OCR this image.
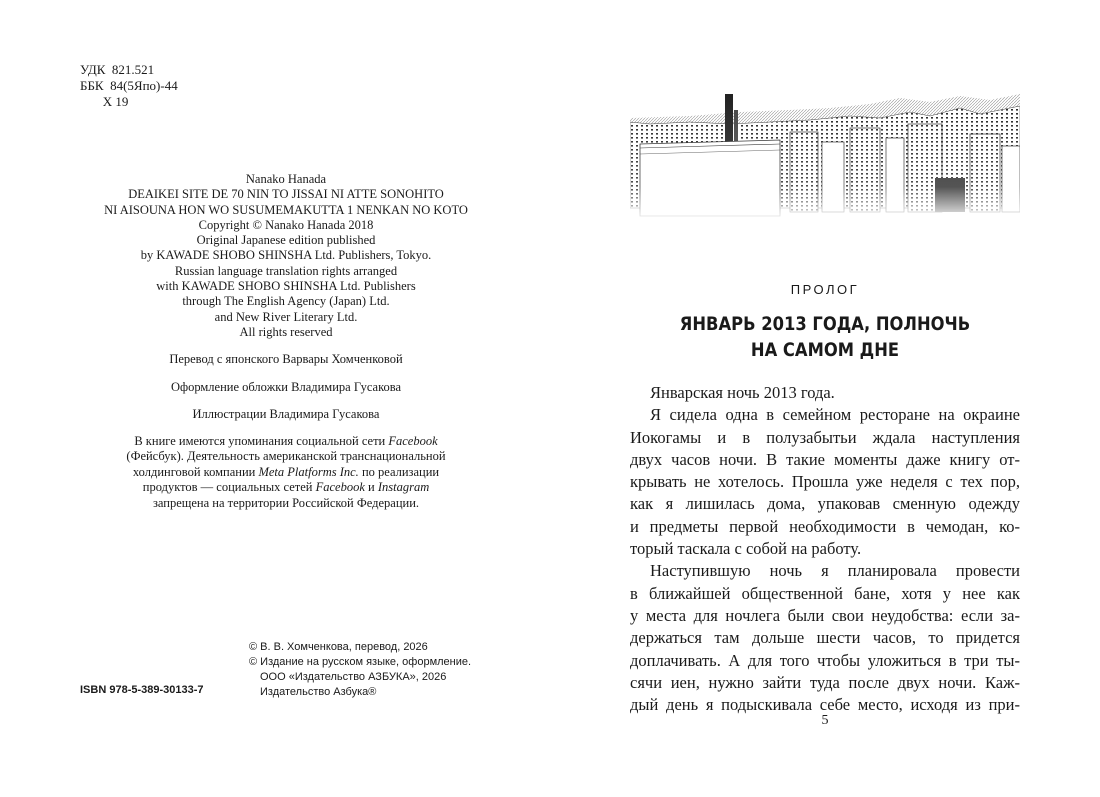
УДК  821.521
ББК  84(5Япо)-44
Х 19
Nanako Hanada
DEAIKEI SITE DE 70 NIN TO JISSAI NI ATTE SONOHITO
NI AISOUNA HON WO SUSUMEMAKUTTA 1 NENKAN NO KOTO
Copyright © Nanako Hanada 2018
Original Japanese edition published
by KAWADE SHOBO SHINSHA Ltd. Publishers, Tokyo.
Russian language translation rights arranged
with KAWADE SHOBO SHINSHA Ltd. Publishers
through The English Agency (Japan) Ltd.
and New River Literary Ltd.
All rights reserved
Перевод с японского Варвары Хомченковой
Оформление обложки Владимира Гусакова
Иллюстрации Владимира Гусакова
В книге имеются упоминания социальной сети Facebook
(Фейсбук). Деятельность американской транснациональной
холдинговой компании Meta Platforms Inc. по реализации
продуктов — социальных сетей Facebook и Instagram
запрещена на территории Российской Федерации.
© В. В. Хомченкова, перевод, 2026
© Издание на русском языке, оформление.
ООО «Издательство АЗБУКА», 2026
Издательство Азбука®
ISBN 978-5-389-30133-7
ПРОЛОГ
ЯНВАРЬ 2013 ГОДА, ПОЛНОЧЬ
НА САМОМ ДНЕ
Январская ночь 2013 года.
Я сидела одна в семейном ресторане на окраине
Иокогамы и в полузабытьи ждала наступления
двух часов ночи. В такие моменты даже книгу от-
крывать не хотелось. Прошла уже неделя с тех пор,
как я лишилась дома, упаковав сменную одежду
и предметы первой необходимости в чемодан, ко-
торый таскала с собой на работу.
Наступившую ночь я планировала провести
в ближайшей общественной бане, хотя у нее как
у места для ночлега были свои неудобства: если за-
держаться там дольше шести часов, то придется
доплачивать. А для того чтобы уложиться в три ты-
сячи иен, нужно зайти туда после двух ночи. Каж-
дый день я подыскивала себе место, исходя из при-
5
